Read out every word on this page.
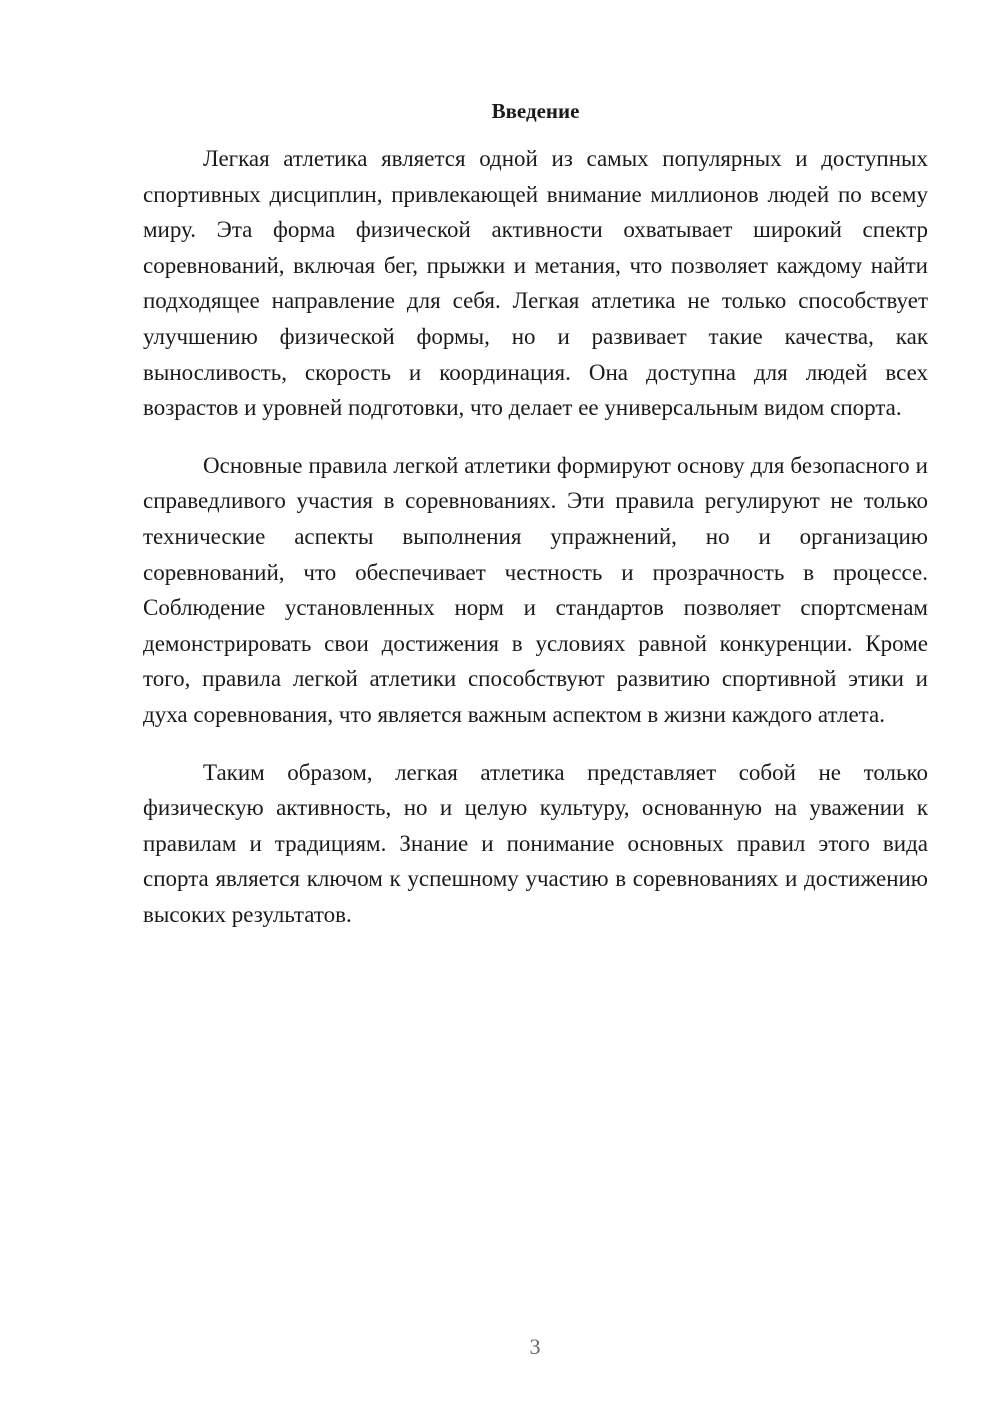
Введение

Легкая атлетика является одной из самых популярных и доступных спортивных дисциплин, привлекающей внимание миллионов людей по всему миру. Эта форма физической активности охватывает широкий спектр соревнований, включая бег, прыжки и метания, что позволяет каждому найти подходящее направление для себя. Легкая атлетика не только способствует улучшению физической формы, но и развивает такие качества, как выносливость, скорость и координация. Она доступна для людей всех возрастов и уровней подготовки, что делает ее универсальным видом спорта.

Основные правила легкой атлетики формируют основу для безопасного и справедливого участия в соревнованиях. Эти правила регулируют не только технические аспекты выполнения упражнений, но и организацию соревнований, что обеспечивает честность и прозрачность в процессе. Соблюдение установленных норм и стандартов позволяет спортсменам демонстрировать свои достижения в условиях равной конкуренции. Кроме того, правила легкой атлетики способствуют развитию спортивной этики и духа соревнования, что является важным аспектом в жизни каждого атлета.

Таким образом, легкая атлетика представляет собой не только физическую активность, но и целую культуру, основанную на уважении к правилам и традициям. Знание и понимание основных правил этого вида спорта является ключом к успешному участию в соревнованиях и достижению высоких результатов.

3
